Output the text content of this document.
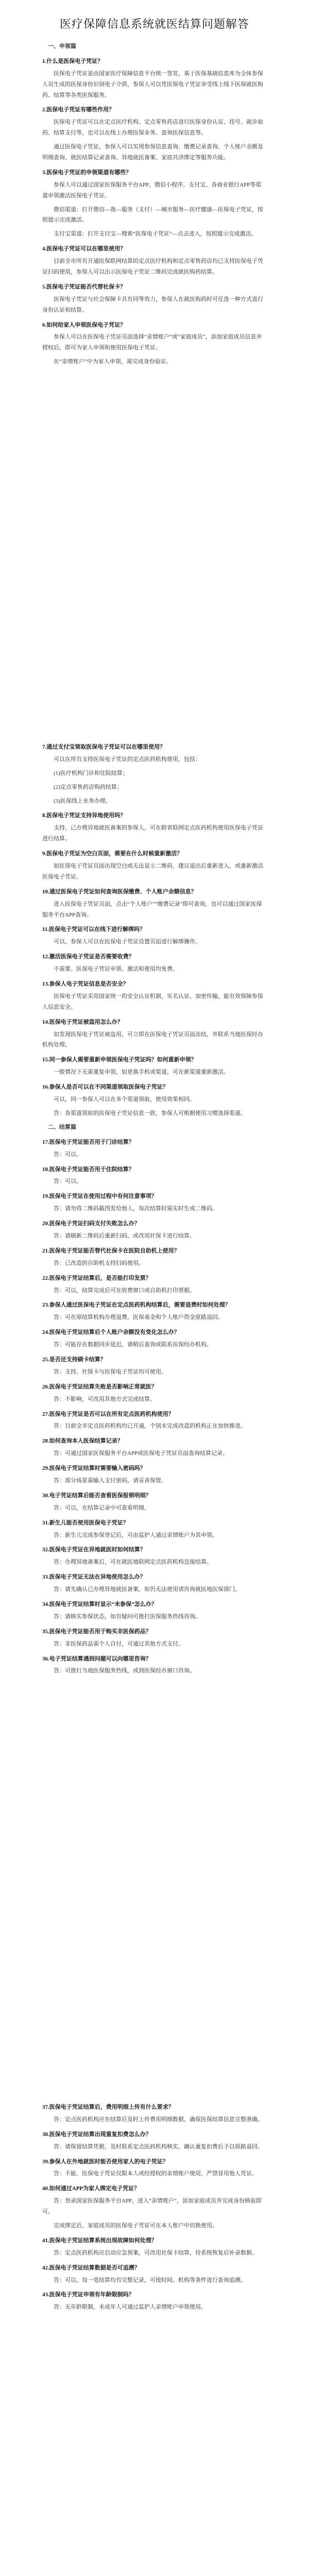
医疗保障信息系统就医结算问题解答

一、申领篇

1.什么是医保电子凭证？

医保电子凭证是由国家医疗保障信息平台统一签发，基于医保基础信息库为全体参保人员生成的医保身份识别电子介质，参保人可以凭医保电子凭证享受线上线下医保就医购药、结算等各类医保服务。

2.医保电子凭证有哪些作用？

医保电子凭证可以在定点医疗机构、定点零售药店进行医保身份认证、挂号、就诊取药、结算支付等，也可以在线上办理医保业务、查询医保信息等。

通过医保电子凭证，参保人可以实现参保信息查询、缴费记录查询、个人账户余额及明细查询、就医结算记录查询、异地就医备案、家庭共济绑定等服务功能。

3.医保电子凭证的申领渠道有哪些？

参保人可以通过国家医保服务平台APP、微信小程序、支付宝、各商业银行APP等渠道申领激活医保电子凭证。

微信渠道：打开微信—我—服务（支付）—城市服务—医疗健康—医保电子凭证，按照提示完成激活。

支付宝渠道：打开支付宝—搜索“医保电子凭证”—点击进入，按照提示完成激活。

4.医保电子凭证可以在哪里使用？

目前全市所有开通医保联网结算的定点医疗机构和定点零售药店均已支持医保电子凭证扫码使用，参保人可以出示医保电子凭证二维码完成就医购药结算。

5.医保电子凭证能否代替社保卡？

医保电子凭证与社会保障卡具有同等效力，参保人在就医购药时可任选一种方式进行身份认证和结算。

6.如何给家人申领医保电子凭证？

参保人可以在医保电子凭证页面选择“亲情账户”或“家庭成员”，添加家庭成员信息并授权后，即可为家人申领和使用医保电子凭证。

在“亲情账户”中为家人申领，需完成身份验证。

7.通过支付宝领取医保电子凭证可以在哪里使用？

可以在所有支持医保电子凭证的定点医药机构使用，包括：

(1)医疗机构门诊和住院结算；

(2)定点零售药店购药结算；

(3)医保线上业务办理。

8.医保电子凭证支持异地使用吗？

支持。已办理异地就医备案的参保人，可在跨省联网定点医药机构使用医保电子凭证进行结算。

9.医保电子凭证为空白页面，需要在什么时候重新激活？

如医保电子凭证页面出现空白或无法显示二维码，建议退出后重新进入，或重新激活医保电子凭证。

10.通过医保电子凭证如何查询医保缴费、个人账户余额信息？

进入医保电子凭证页面，点击“个人账户”“缴费记录”即可查询，也可以通过国家医保服务平台APP查询。

11.医保电子凭证可以在线下进行解绑吗？

可以。参保人可以在医保电子凭证设置页面进行解绑操作。

12.激活医保电子凭证是否需要收费？

不需要。医保电子凭证申领、激活和使用均免费。

13.参保人电子凭证信息是否安全？

医保电子凭证采用国家统一的安全认证机制，实名认证、加密传输，能有效保障参保人信息安全。

14.医保电子凭证被盗用怎么办？

如发现医保电子凭证被盗用，可立即在医保电子凭证页面冻结，并联系当地医保经办机构处理。

15.同一参保人需要重新申领医保电子凭证吗？如何重新申领？

一般情况下无需重复申领，如更换手机或渠道，可在新渠道重新激活。

16.参保人是否可以在不同渠道领取医保电子凭证？

可以。同一参保人可以在多个渠道领取，使用效果相同。

答：各渠道领取的医保电子凭证信息一致，参保人可根据使用习惯选择渠道。

二、结算篇

17.医保电子凭证能否用于门诊结算？

答：可以。

18.医保电子凭证能否用于住院结算？

答：可以。

19.医保电子凭证在使用过程中有何注意事项？

答：请勿将二维码截图发给他人，每次结算时需实时生成二维码。

20.医保电子凭证扫码支付失败怎么办？

答：请刷新二维码后重新扫码，或改用社保卡进行结算。

21.医保电子凭证能否替代社保卡在医院自助机上使用？

答：已改造的自助机支持扫码使用。

22.医保电子凭证结算后，是否能打印发票？

答：可以，结算完成后可在收费窗口或自助机打印票据。

23.参保人通过医保电子凭证在定点医药机构结算后，需要退费时如何处理？

答：可在原结算机构办理退费，医保基金和个人账户资金原路退回。

24.医保电子凭证结算后个人账户余额没有变化怎么办？

答：可能存在数据同步延迟，请稍后查询或联系医保经办机构。

25.是否还支持刷卡结算？

答：支持。社保卡与医保电子凭证均可使用。

26.医保电子凭证结算失败是否影响正常就医？

答：不影响，可改用其他方式完成结算。

27.医保电子凭证是否可以在所有定点医药机构使用？

答：目前全市定点医药机构均已开通，个别未完成改造的机构正在加快推进。

28.如何查询本人医保结算记录？

答：可通过国家医保服务平台APP或医保电子凭证页面查询结算记录。

29.医保电子凭证结算时需要输入密码吗？

答：部分场景需输入支付密码，请妥善保管。

30.电子凭证结算后能否查看医保报销明细？

答：可以，在结算记录中可查看明细。

31.新生儿能否使用医保电子凭证？

答：新生儿完成参保登记后，可由监护人通过亲情账户为其申领。

32.医保电子凭证在异地就医时如何结算？

答：办理异地备案后，可在就医地联网定点医药机构直接结算。

33.医保电子凭证无法在异地使用怎么办？

答：请先确认已办理异地就医备案，如仍无法使用请咨询就医地医保部门。

34.医保电子凭证结算时显示“未参保”怎么办？

答：请核实参保状态，如有疑问可拨打医保服务热线咨询。

35.医保电子凭证能否用于购买非医保药品？

答：非医保药品需个人自付，可通过其他方式支付。

36.电子凭证结算遇到问题可以向哪里咨询？

答：可拨打当地医保服务热线，或到医保经办窗口咨询。

37.医保电子凭证结算后，费用明细上传有什么要求？

答：定点医药机构应在结算后及时上传费用明细数据，确保医保结算信息完整准确。

38.医保电子凭证结算出现重复扣费怎么办？

答：请保留结算凭据，及时联系定点医药机构核实，确认重复扣费后予以原路退回。

39.参保人在外地就医时能否使用家人的电子凭证？

答：不能。医保电子凭证仅限本人或经授权的亲情账户使用，严禁冒用他人凭证。

40.如何通过APP为家人绑定电子凭证？

答：登录国家医保服务平台APP，进入“亲情账户”，添加家庭成员并完成身份核验即可。

完成绑定后，家庭成员的医保电子凭证可在本人账户中切换使用。

41.医保电子凭证结算系统出现故障如何处理？

答：定点医药机构应启动应急预案，可改用社保卡结算，待系统恢复后补录数据。

42.医保电子凭证结算数据是否可追溯？

答：可以。每一笔结算均有完整记录，可按时间、机构等条件进行查询追溯。

43.医保电子凭证申领有年龄限制吗？

答：无年龄限制，未成年人可通过监护人亲情账户申领使用。
